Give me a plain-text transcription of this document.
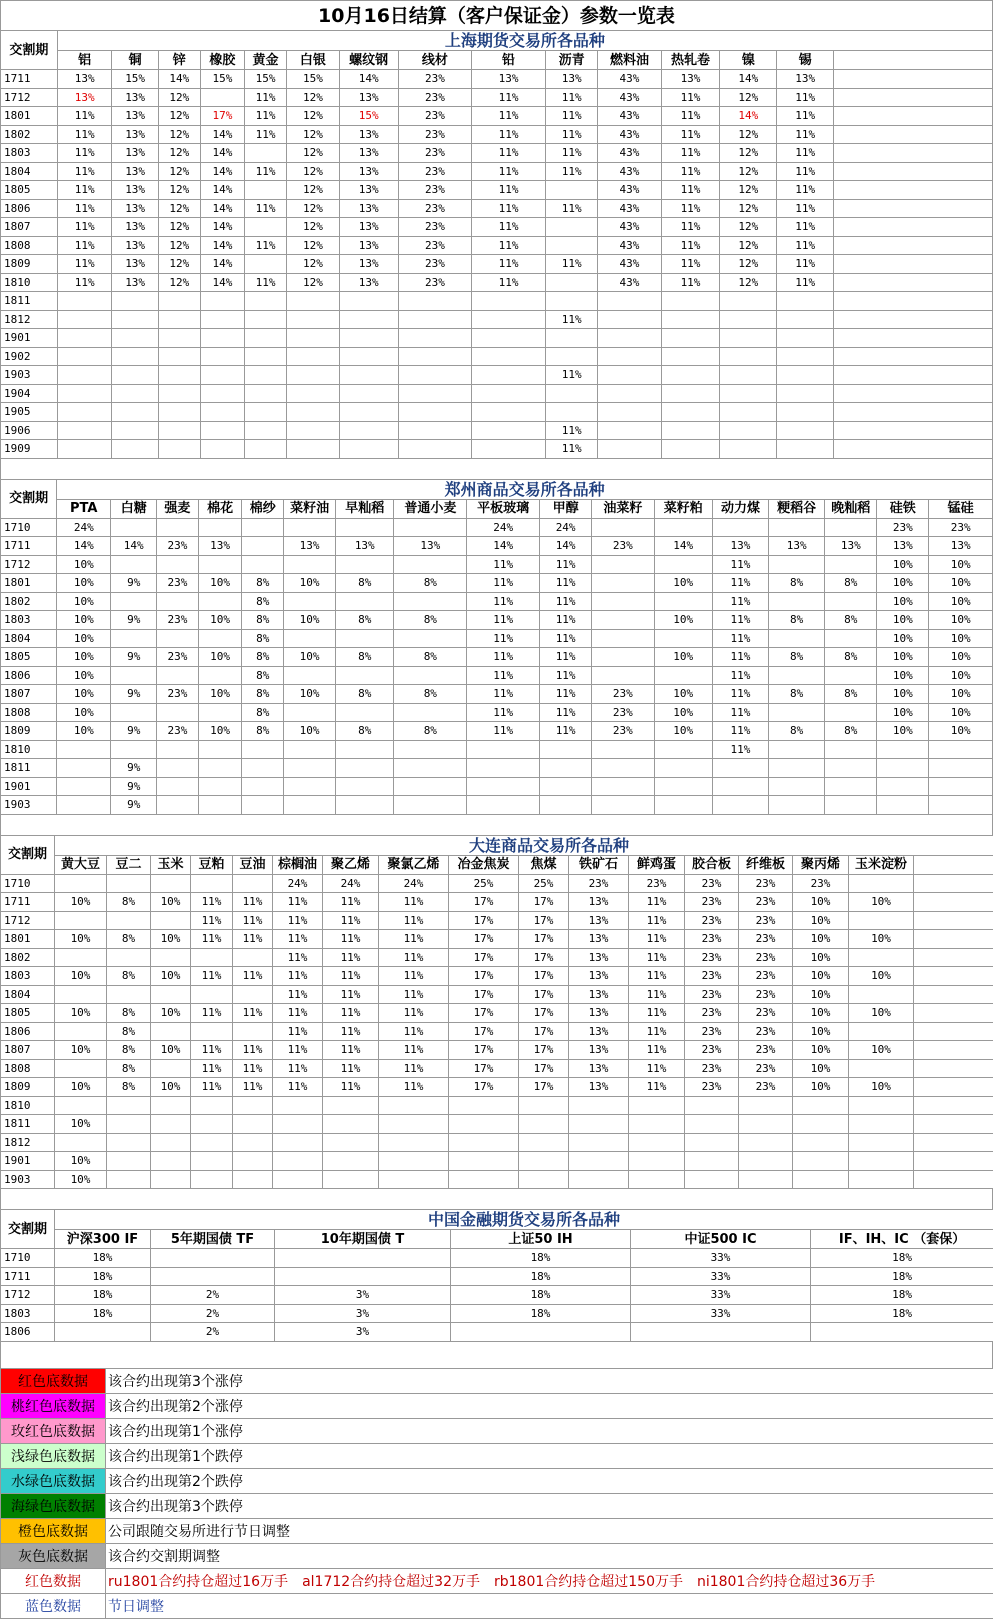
10月16日结算（客户保证金）参数一览表
交割期	上海期货交易所各品种														
	铝	铜	锌	橡胶	黄金	白银	螺纹钢	线材	铅	沥青	燃料油	热轧卷	镍	锡	
1711	13%	15%	14%	15%	15%	15%	14%	23%	13%	13%	43%	13%	14%	13%	
1712	13%	13%	12%		11%	12%	13%	23%	11%	11%	43%	11%	12%	11%	
1801	11%	13%	12%	17%	11%	12%	15%	23%	11%	11%	43%	11%	14%	11%	
1802	11%	13%	12%	14%	11%	12%	13%	23%	11%	11%	43%	11%	12%	11%	
1803	11%	13%	12%	14%		12%	13%	23%	11%	11%	43%	11%	12%	11%	
1804	11%	13%	12%	14%	11%	12%	13%	23%	11%	11%	43%	11%	12%	11%	
1805	11%	13%	12%	14%		12%	13%	23%	11%		43%	11%	12%	11%	
1806	11%	13%	12%	14%	11%	12%	13%	23%	11%	11%	43%	11%	12%	11%	
1807	11%	13%	12%	14%		12%	13%	23%	11%		43%	11%	12%	11%	
1808	11%	13%	12%	14%	11%	12%	13%	23%	11%		43%	11%	12%	11%	
1809	11%	13%	12%	14%		12%	13%	23%	11%	11%	43%	11%	12%	11%	
1810	11%	13%	12%	14%	11%	12%	13%	23%	11%		43%	11%	12%	11%	
1811															
1812										11%					
1901															
1902															
1903										11%					
1904															
1905															
1906										11%					
1909										11%					
交割期	郑州商品交易所各品种																
	PTA	白糖	强麦	棉花	棉纱	菜籽油	早籼稻	普通小麦	平板玻璃	甲醇	油菜籽	菜籽粕	动力煤	粳稻谷	晚籼稻	硅铁	锰硅
1710	24%								24%	24%						23%	23%
1711	14%	14%	23%	13%		13%	13%	13%	14%	14%	23%	14%	13%	13%	13%	13%	13%
1712	10%								11%	11%			11%			10%	10%
1801	10%	9%	23%	10%	8%	10%	8%	8%	11%	11%		10%	11%	8%	8%	10%	10%
1802	10%				8%				11%	11%			11%			10%	10%
1803	10%	9%	23%	10%	8%	10%	8%	8%	11%	11%		10%	11%	8%	8%	10%	10%
1804	10%				8%				11%	11%			11%			10%	10%
1805	10%	9%	23%	10%	8%	10%	8%	8%	11%	11%		10%	11%	8%	8%	10%	10%
1806	10%				8%				11%	11%			11%			10%	10%
1807	10%	9%	23%	10%	8%	10%	8%	8%	11%	11%	23%	10%	11%	8%	8%	10%	10%
1808	10%				8%				11%	11%	23%	10%	11%			10%	10%
1809	10%	9%	23%	10%	8%	10%	8%	8%	11%	11%	23%	10%	11%	8%	8%	10%	10%
1810													11%				
1811		9%															
1901		9%															
1903		9%															
交割期	大连商品交易所各品种																
	黄大豆	豆二	玉米	豆粕	豆油	棕榈油	聚乙烯	聚氯乙烯	冶金焦炭	焦煤	铁矿石	鲜鸡蛋	胶合板	纤维板	聚丙烯	玉米淀粉	
1710						24%	24%	24%	25%	25%	23%	23%	23%	23%	23%		
1711	10%	8%	10%	11%	11%	11%	11%	11%	17%	17%	13%	11%	23%	23%	10%	10%	
1712				11%	11%	11%	11%	11%	17%	17%	13%	11%	23%	23%	10%		
1801	10%	8%	10%	11%	11%	11%	11%	11%	17%	17%	13%	11%	23%	23%	10%	10%	
1802						11%	11%	11%	17%	17%	13%	11%	23%	23%	10%		
1803	10%	8%	10%	11%	11%	11%	11%	11%	17%	17%	13%	11%	23%	23%	10%	10%	
1804						11%	11%	11%	17%	17%	13%	11%	23%	23%	10%		
1805	10%	8%	10%	11%	11%	11%	11%	11%	17%	17%	13%	11%	23%	23%	10%	10%	
1806		8%				11%	11%	11%	17%	17%	13%	11%	23%	23%	10%		
1807	10%	8%	10%	11%	11%	11%	11%	11%	17%	17%	13%	11%	23%	23%	10%	10%	
1808		8%		11%	11%	11%	11%	11%	17%	17%	13%	11%	23%	23%	10%		
1809	10%	8%	10%	11%	11%	11%	11%	11%	17%	17%	13%	11%	23%	23%	10%	10%	
1810																	
1811	10%																
1812																	
1901	10%																
1903	10%																
交割期	中国金融期货交易所各品种					
	沪深300 IF	5年期国债 TF	10年期国债 T	上证50 IH	中证500 IC	IF、IH、IC （套保）
1710	18%			18%	33%	18%
1711	18%			18%	33%	18%
1712	18%	2%	3%	18%	33%	18%
1803	18%	2%	3%	18%	33%	18%
1806		2%	3%			
红色底数据	该合约出现第3个涨停
桃红色底数据	该合约出现第2个涨停
玫红色底数据	该合约出现第1个涨停
浅绿色底数据	该合约出现第1个跌停
水绿色底数据	该合约出现第2个跌停
海绿色底数据	该合约出现第3个跌停
橙色底数据	公司跟随交易所进行节日调整
灰色底数据	该合约交割期调整
红色数据	ru1801合约持仓超过16万手　al1712合约持仓超过32万手　rb1801合约持仓超过150万手　ni1801合约持仓超过36万手
蓝色数据	节日调整
